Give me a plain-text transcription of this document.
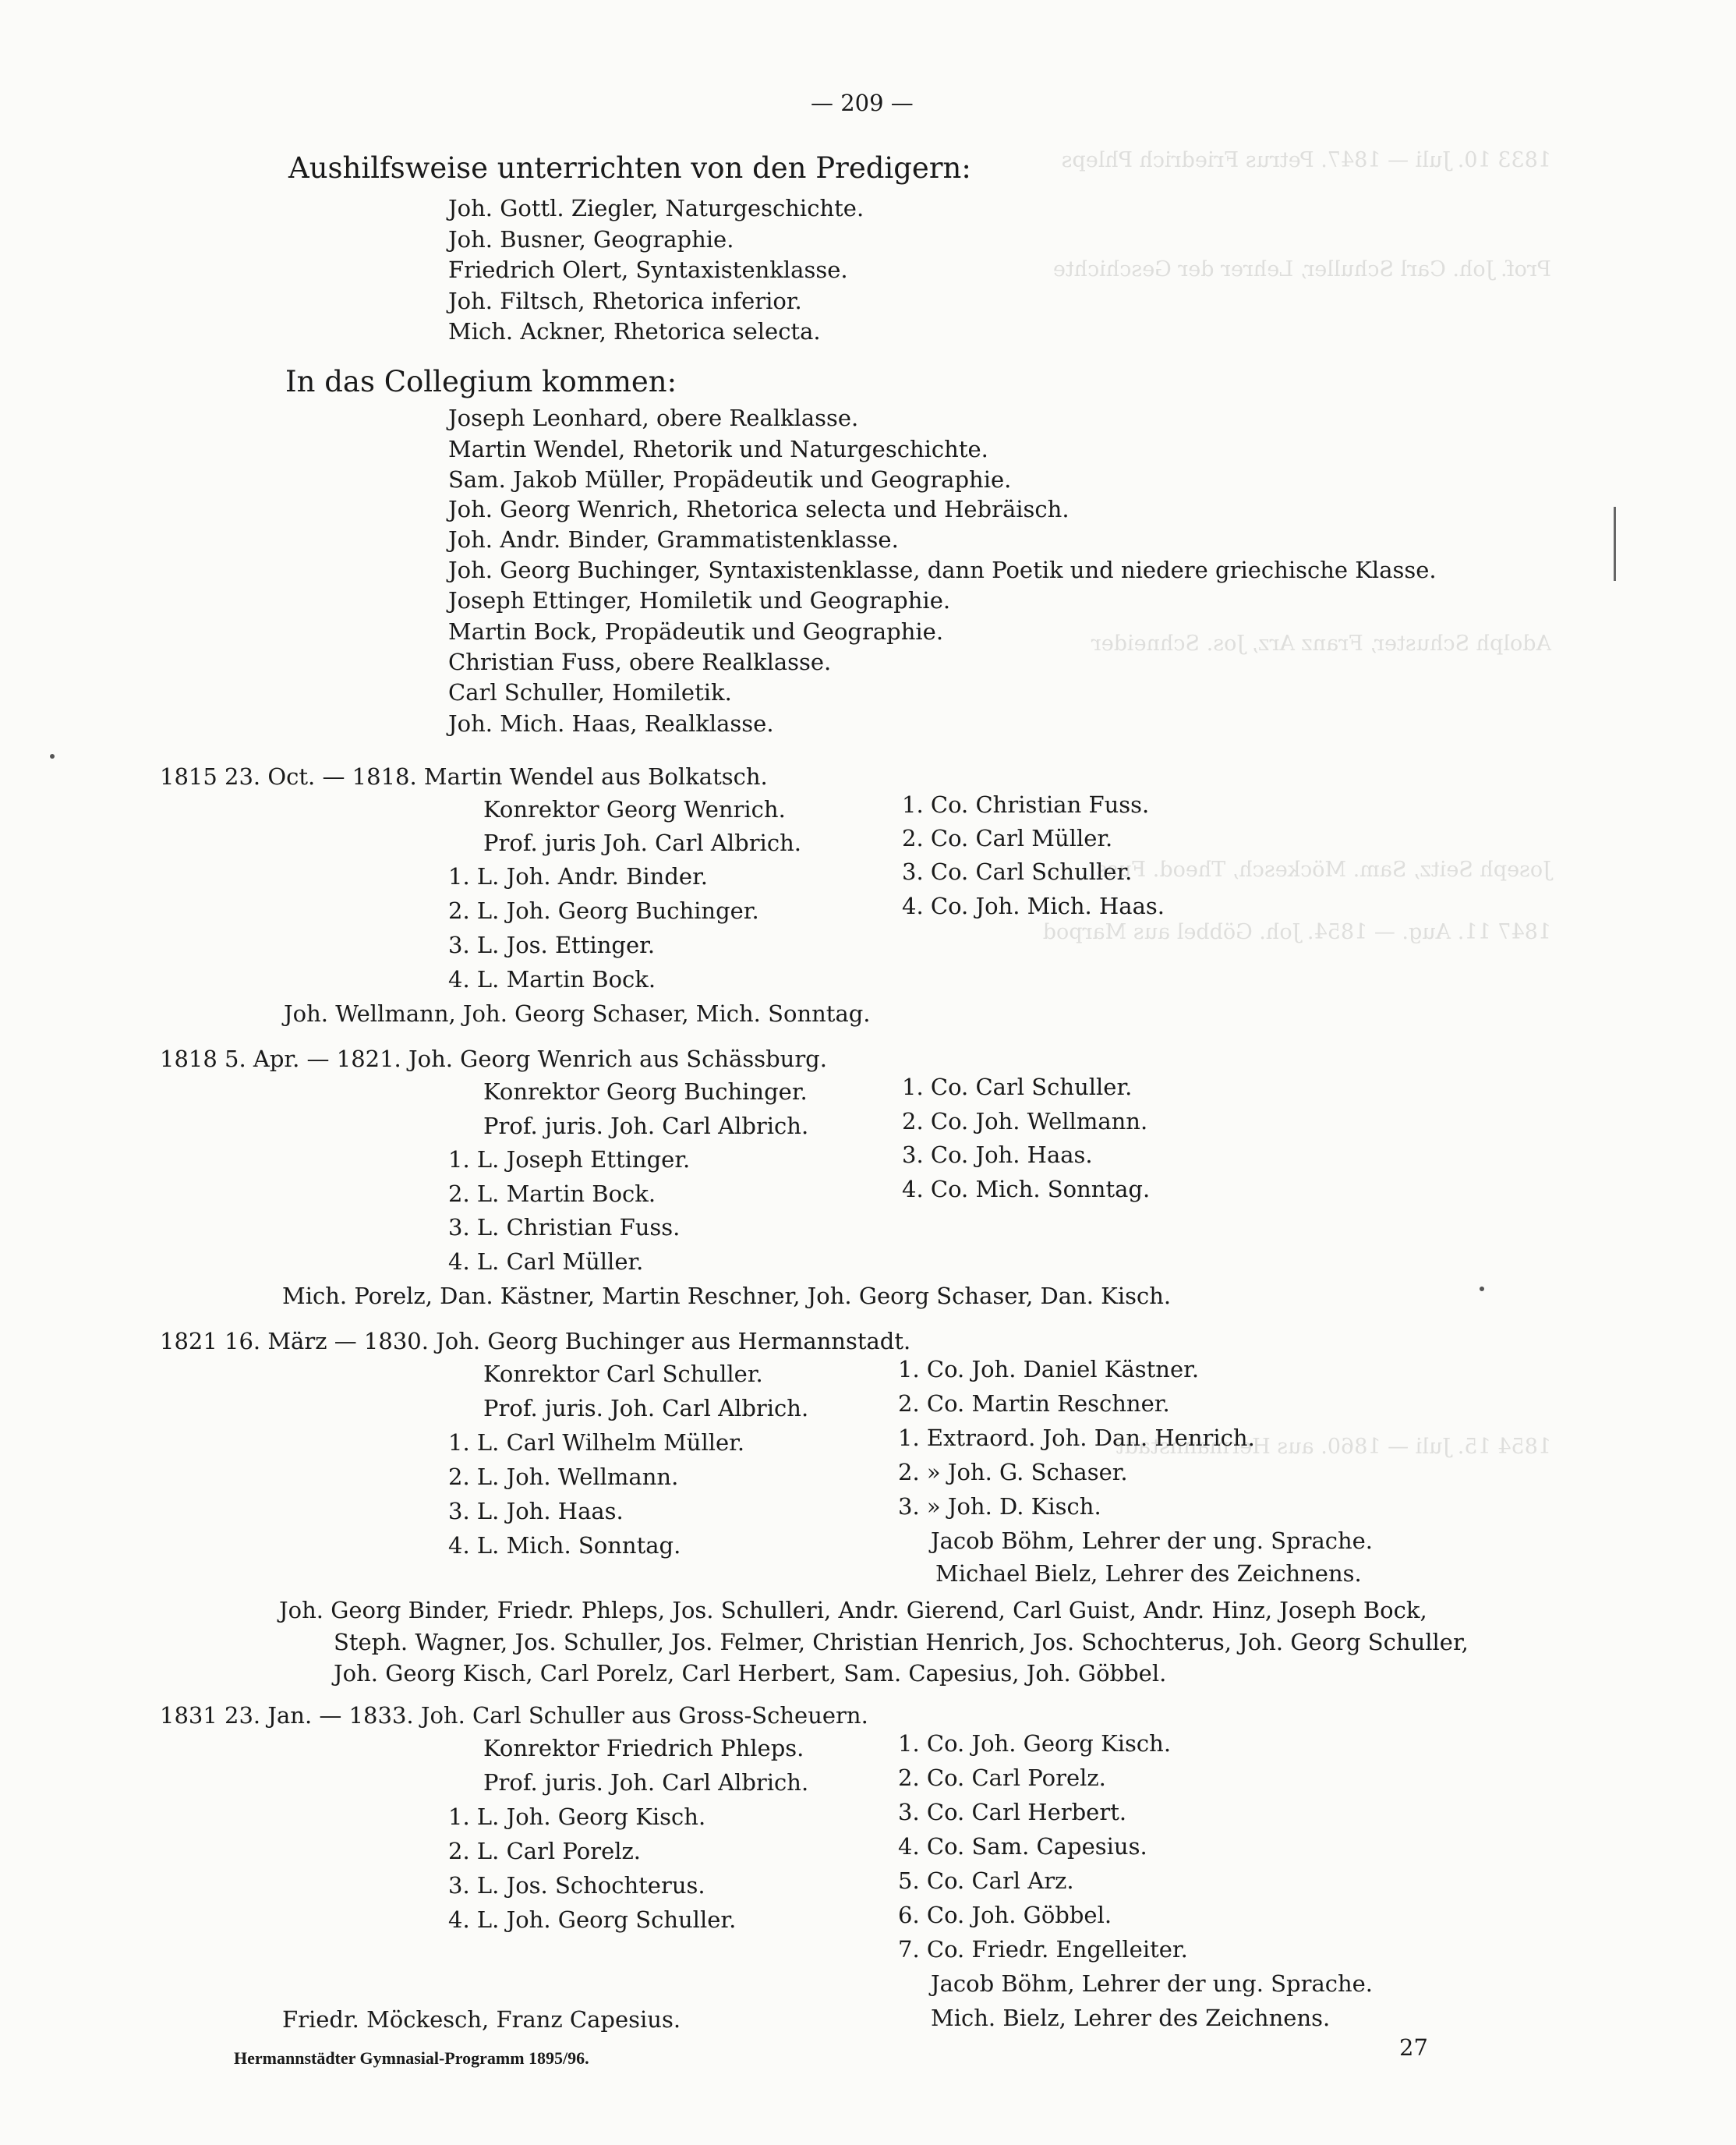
1833 10. Juli — 1847. Petrus Friedrich Phleps
Prof. Joh. Carl Schuller, Lehrer der Geschichte
Adolph Schuster, Franz Arz, Jos. Schneider
Joseph Seitz, Sam. Möckesch, Theod. Fuss
1847 11. Aug. — 1854. Joh. Göbbel aus Marpod
1854 15. Juli — 1860. aus Hermannstadt
— 209 —
Aushilfsweise unterrichten von den Predigern:
Joh. Gottl. Ziegler, Naturgeschichte.
Joh. Busner, Geographie.
Friedrich Olert, Syntaxistenklasse.
Joh. Filtsch, Rhetorica inferior.
Mich. Ackner, Rhetorica selecta.
In das Collegium kommen:
Joseph Leonhard, obere Realklasse.
Martin Wendel, Rhetorik und Naturgeschichte.
Sam. Jakob Müller, Propädeutik und Geographie.
Joh. Georg Wenrich, Rhetorica selecta und Hebräisch.
Joh. Andr. Binder, Grammatistenklasse.
Joh. Georg Buchinger, Syntaxistenklasse, dann Poetik und niedere griechische Klasse.
Joseph Ettinger, Homiletik und Geographie.
Martin Bock, Propädeutik und Geographie.
Christian Fuss, obere Realklasse.
Carl Schuller, Homiletik.
Joh. Mich. Haas, Realklasse.
1815 23. Oct. — 1818. Martin Wendel aus Bolkatsch.
Konrektor Georg Wenrich.
Prof. juris Joh. Carl Albrich.
1. L. Joh. Andr. Binder.
2. L. Joh. Georg Buchinger.
3. L. Jos. Ettinger.
4. L. Martin Bock.
1. Co. Christian Fuss.
2. Co. Carl Müller.
3. Co. Carl Schuller.
4. Co. Joh. Mich. Haas.
Joh. Wellmann, Joh. Georg Schaser, Mich. Sonntag.
1818 5. Apr. — 1821. Joh. Georg Wenrich aus Schässburg.
Konrektor Georg Buchinger.
Prof. juris. Joh. Carl Albrich.
1. L. Joseph Ettinger.
2. L. Martin Bock.
3. L. Christian Fuss.
4. L. Carl Müller.
1. Co. Carl Schuller.
2. Co. Joh. Wellmann.
3. Co. Joh. Haas.
4. Co. Mich. Sonntag.
Mich. Porelz, Dan. Kästner, Martin Reschner, Joh. Georg Schaser, Dan. Kisch.
1821 16. März — 1830. Joh. Georg Buchinger aus Hermannstadt.
Konrektor Carl Schuller.
Prof. juris. Joh. Carl Albrich.
1. L. Carl Wilhelm Müller.
2. L. Joh. Wellmann.
3. L. Joh. Haas.
4. L. Mich. Sonntag.
1. Co. Joh. Daniel Kästner.
2. Co. Martin Reschner.
1. Extraord. Joh. Dan. Henrich.
2. » Joh. G. Schaser.
3. » Joh. D. Kisch.
Jacob Böhm, Lehrer der ung. Sprache.
Michael Bielz, Lehrer des Zeichnens.
Joh. Georg Binder, Friedr. Phleps, Jos. Schulleri, Andr. Gierend, Carl Guist, Andr. Hinz, Joseph Bock,
Steph. Wagner, Jos. Schuller, Jos. Felmer, Christian Henrich, Jos. Schochterus, Joh. Georg Schuller,
Joh. Georg Kisch, Carl Porelz, Carl Herbert, Sam. Capesius, Joh. Göbbel.
1831 23. Jan. — 1833. Joh. Carl Schuller aus Gross-Scheuern.
Konrektor Friedrich Phleps.
Prof. juris. Joh. Carl Albrich.
1. L. Joh. Georg Kisch.
2. L. Carl Porelz.
3. L. Jos. Schochterus.
4. L. Joh. Georg Schuller.
1. Co. Joh. Georg Kisch.
2. Co. Carl Porelz.
3. Co. Carl Herbert.
4. Co. Sam. Capesius.
5. Co. Carl Arz.
6. Co. Joh. Göbbel.
7. Co. Friedr. Engelleiter.
Jacob Böhm, Lehrer der ung. Sprache.
Mich. Bielz, Lehrer des Zeichnens.
Friedr. Möckesch, Franz Capesius.
Hermannstädter Gymnasial-Programm 1895/96.	27
